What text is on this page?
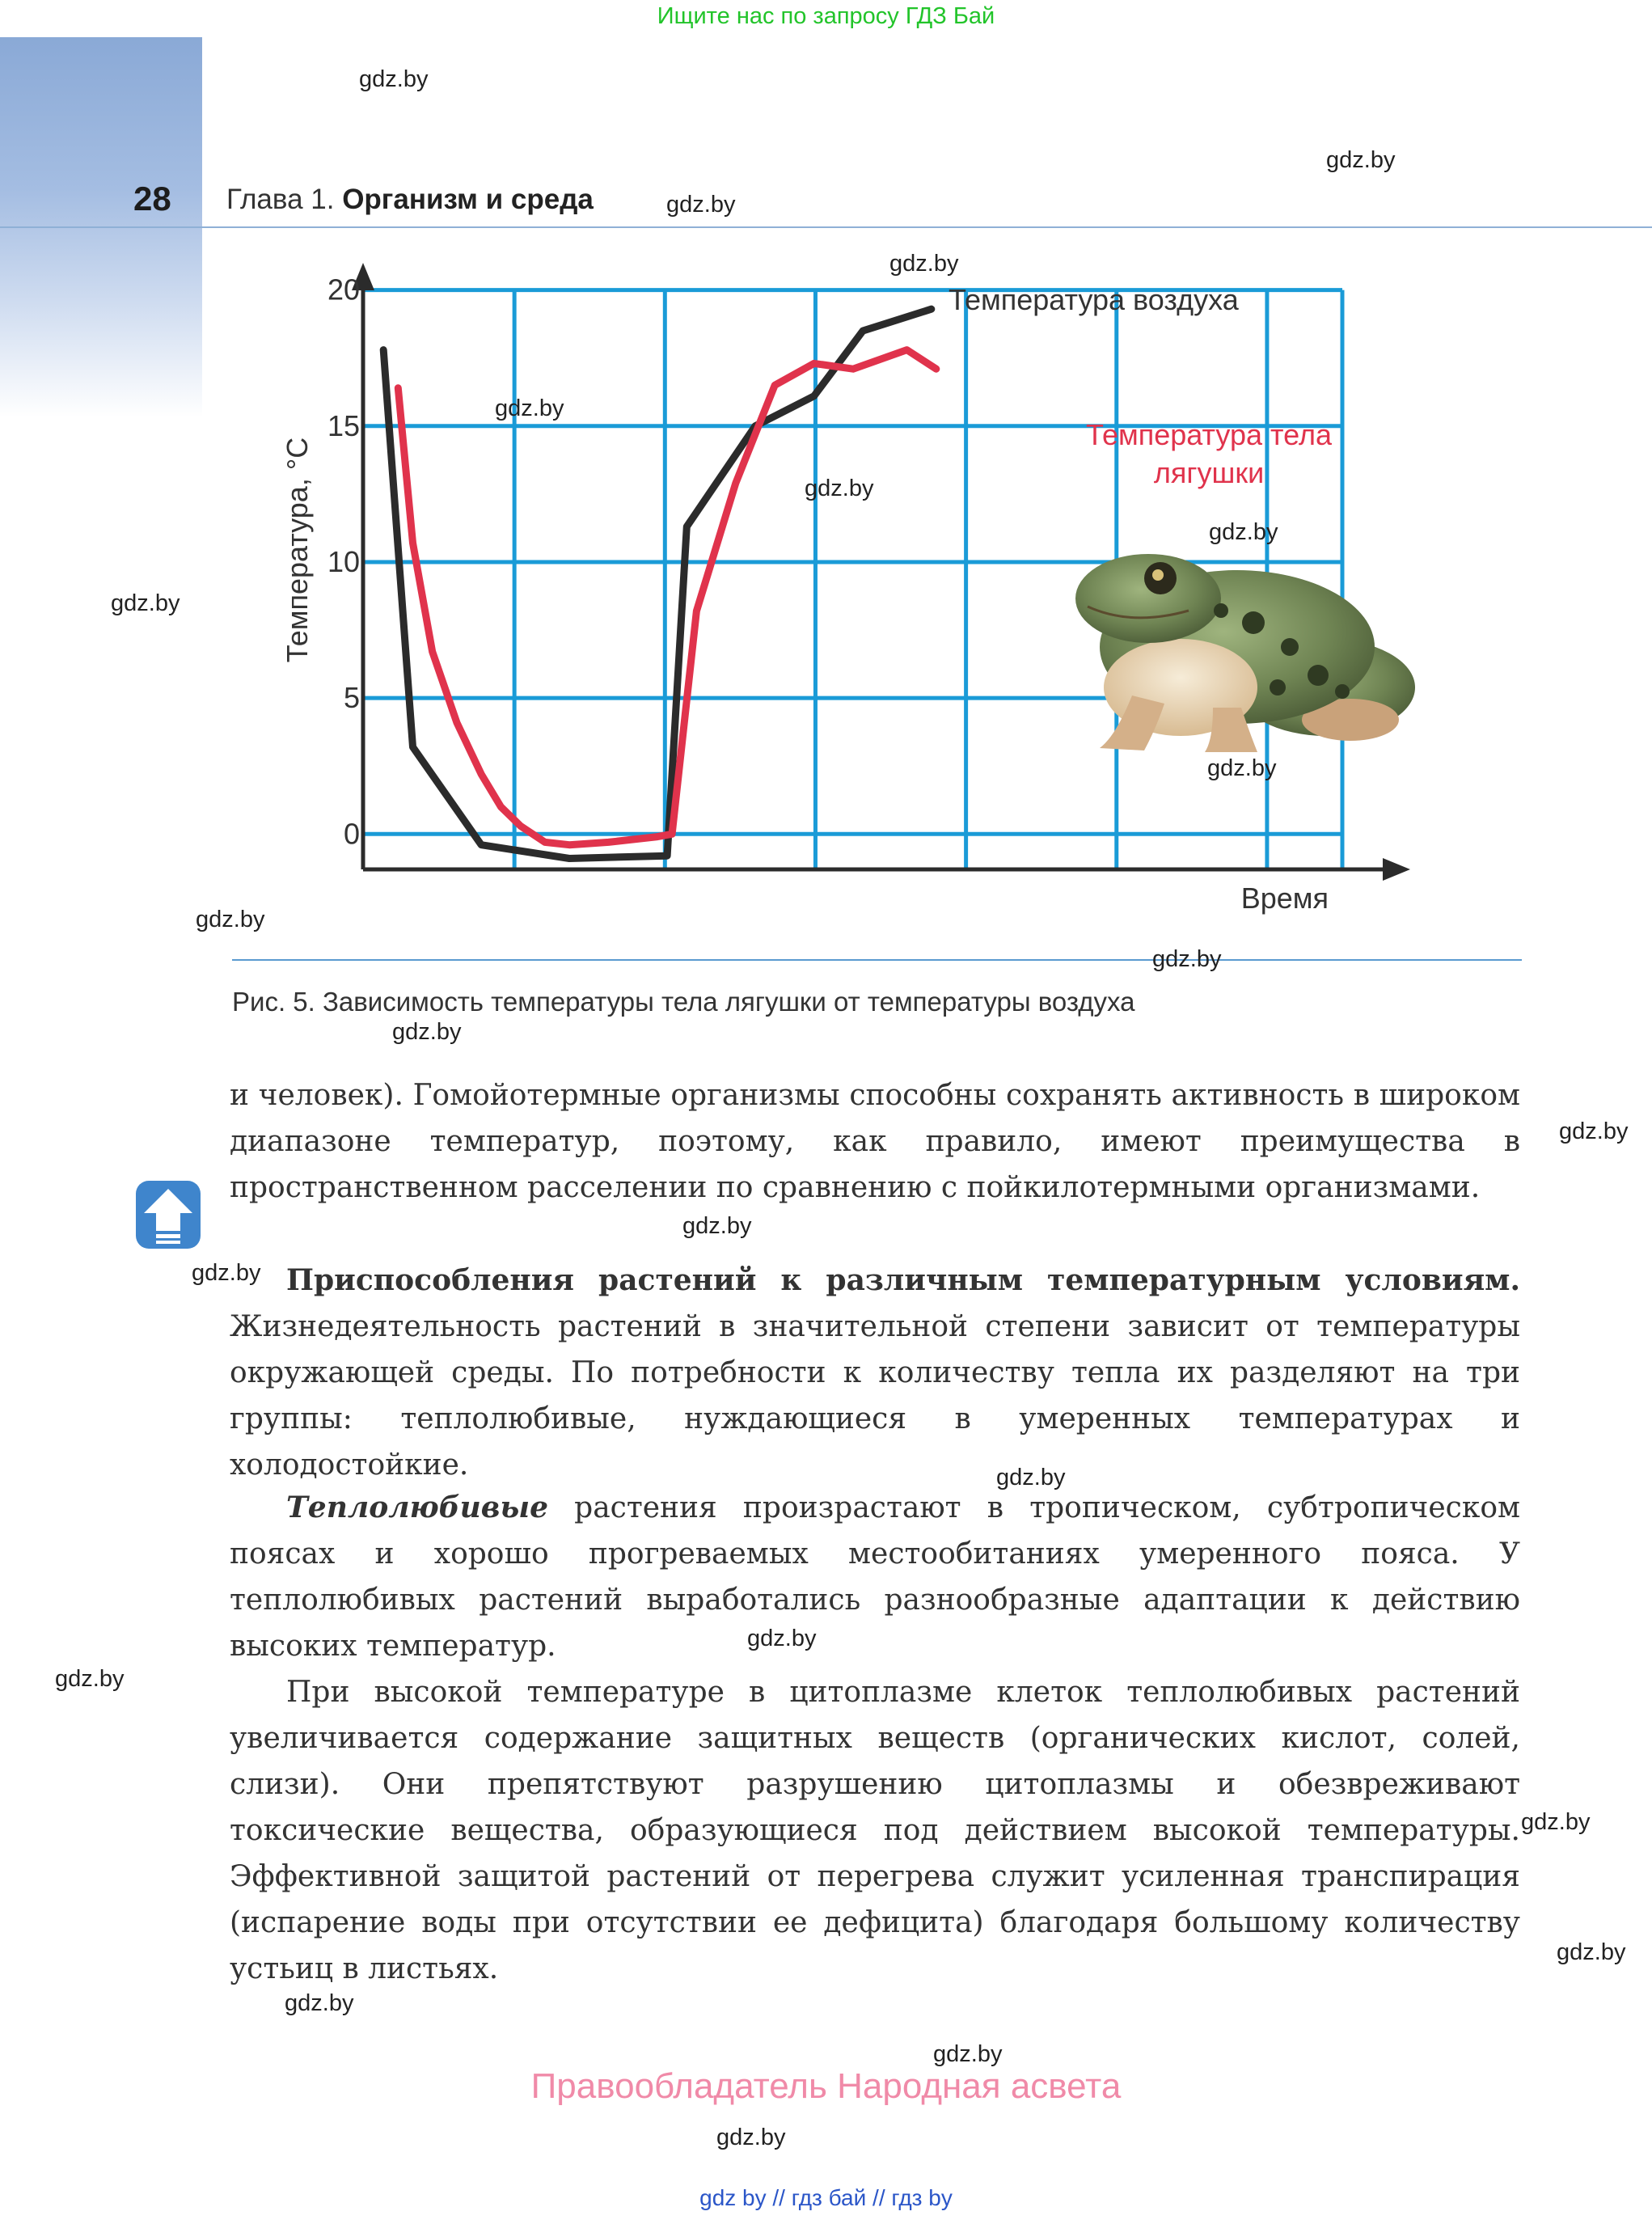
Ищите нас по запросу ГДЗ Бай
28 Глава 1. Организм и среда
0
5
10
15
20	Температура воздуха
Температура тела
лягушки
Время
Температура, °C
Рис. 5. Зависимость температуры тела лягушки от температуры воздуха

и человек). Гомойотермные организмы способны сохранять активность в широком диапазоне температур, поэтому, как правило, имеют преимущества в пространственном расселении по сравнению с пойкилотермными организмами.

Приспособления растений к различным температурным условиям. Жизнедеятельность растений в значительной степени зависит от температуры окружающей среды. По потребности к количеству тепла их разделяют на три группы: теплолюбивые, нуждающиеся в умеренных температурах и холодостойкие.

Теплолюбивые растения произрастают в тропическом, субтропическом поясах и хорошо прогреваемых местообитаниях умеренного пояса. У теплолюбивых растений выработались разнообразные адаптации к действию высоких температур.

При высокой температуре в цитоплазме клеток теплолюбивых растений увеличивается содержание защитных веществ (органических кислот, солей, слизи). Они препятствуют разрушению цитоплазмы и обезвреживают токсические вещества, образующиеся под действием высокой температуры. Эффективной защитой растений от перегрева служит усиленная транспирация (испарение воды при отсутствии ее дефицита) благодаря большому количеству устьиц в листьях.

gdz.by
gdz.by
gdz.by
gdz.by
gdz.by
gdz.by
gdz.by
gdz.by
gdz.by
gdz.by
gdz.by
gdz.by
gdz.by
gdz.by
gdz.by
gdz.by
gdz.by
gdz.by
gdz.by
gdz.by
gdz.by
gdz.by
gdz.by
Правообладатель Народная асвета
gdz by // гдз бай // гдз by
